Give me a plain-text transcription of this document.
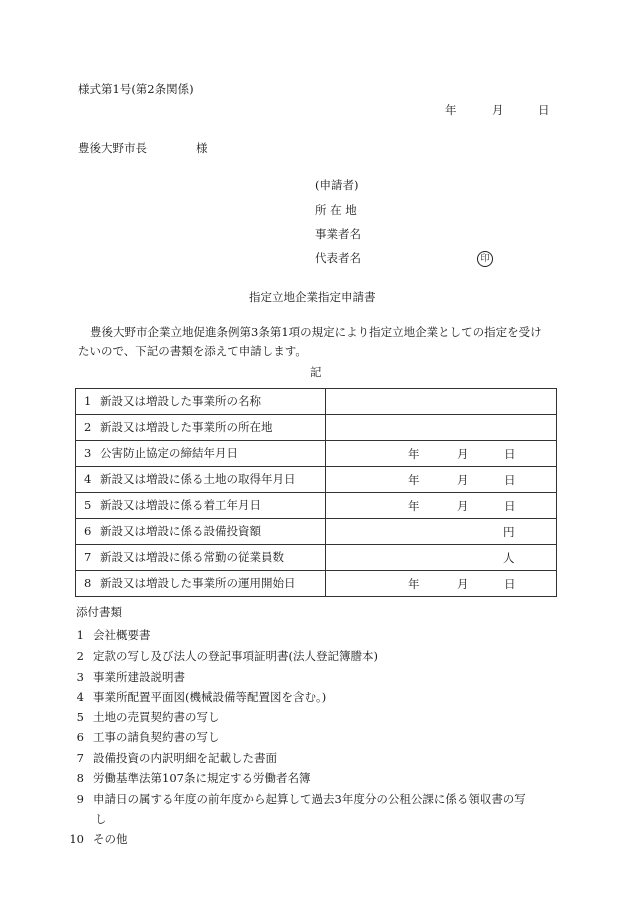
様式第1号(第2条関係)
年	月	日
豊後大野市長	様
(申請者)
所 在 地
事業者名
代表者名	印
指定立地企業指定申請書
豊後大野市企業立地促進条例第3条第1項の規定により指定立地企業としての指定を受け
たいので、下記の書類を添えて申請します。
記
1 新設又は増設した事業所の名称	

2 新設又は増設した事業所の所在地	

3 公害防止協定の締結年月日	年 月 日

4 新設又は増設に係る土地の取得年月日	年 月 日

5 新設又は増設に係る着工年月日	年 月 日

6 新設又は増設に係る設備投資額	円

7 新設又は増設に係る常勤の従業員数	人

8 新設又は増設した事業所の運用開始日	年 月 日
添付書類
1 会社概要書
2 定款の写し及び法人の登記事項証明書(法人登記簿謄本)
3 事業所建設説明書
4 事業所配置平面図(機械設備等配置図を含む。)
5 土地の売買契約書の写し
6 工事の請負契約書の写し
7 設備投資の内訳明細を記載した書面
8 労働基準法第107条に規定する労働者名簿
9 申請日の属する年度の前年度から起算して過去3年度分の公租公課に係る領収書の写
し
10 その他
